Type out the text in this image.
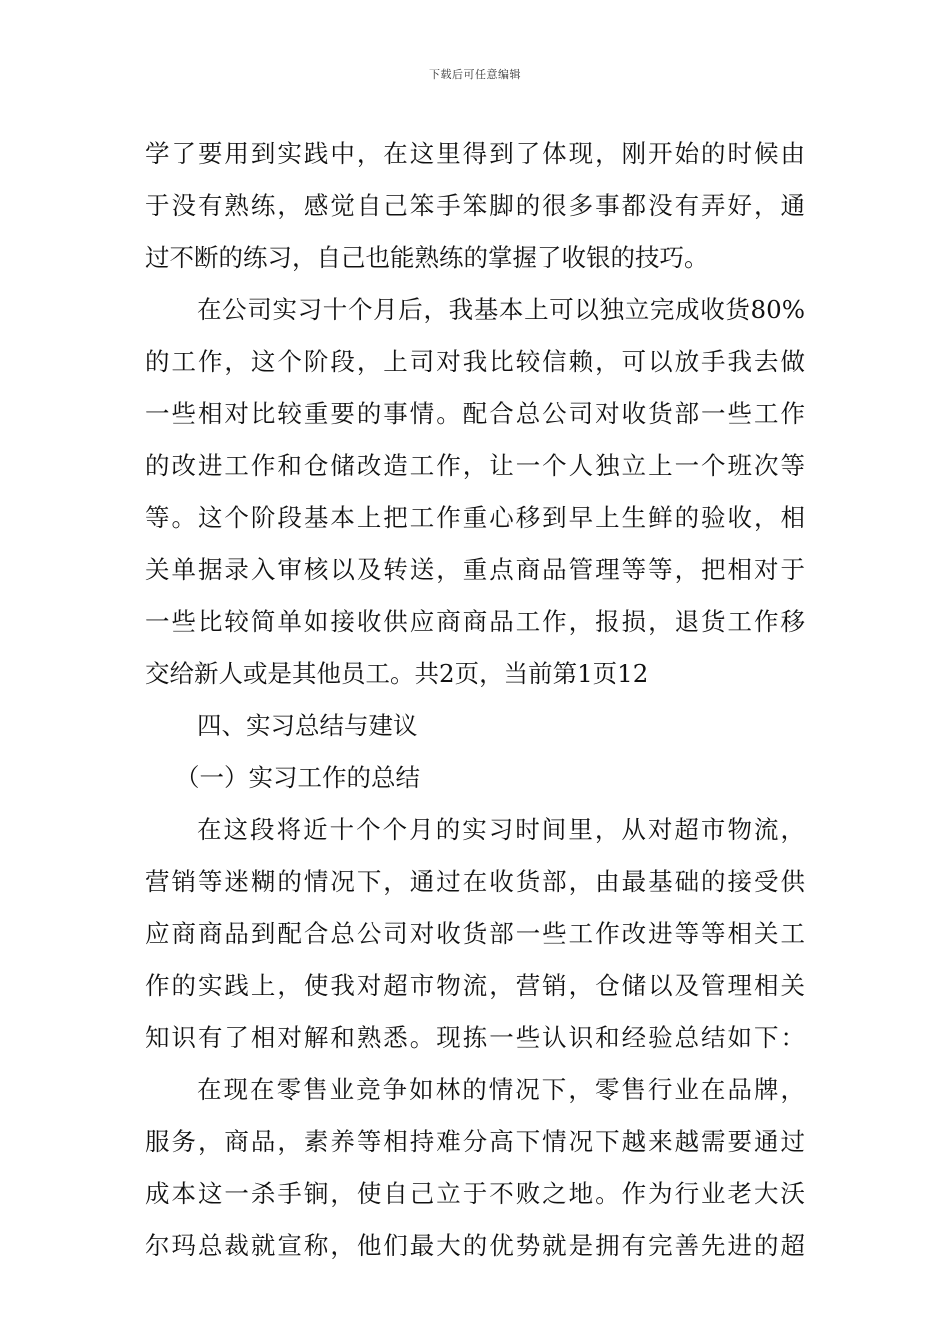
下载后可任意编辑
学了要用到实践中，在这里得到了体现，刚开始的时候由
于没有熟练，感觉自己笨手笨脚的很多事都没有弄好，通
过不断的练习，自己也能熟练的掌握了收银的技巧。
在公司实习十个月后，我基本上可以独立完成收货80%
的工作，这个阶段，上司对我比较信赖，可以放手我去做
一些相对比较重要的事情。配合总公司对收货部一些工作
的改进工作和仓储改造工作，让一个人独立上一个班次等
等。这个阶段基本上把工作重心移到早上生鲜的验收，相
关单据录入审核以及转送，重点商品管理等等，把相对于
一些比较简单如接收供应商商品工作，报损，退货工作移
交给新人或是其他员工。共2页，当前第1页12
四、实习总结与建议
（一）实习工作的总结
在这段将近十个个月的实习时间里，从对超市物流，
营销等迷糊的情况下，通过在收货部，由最基础的接受供
应商商品到配合总公司对收货部一些工作改进等等相关工
作的实践上，使我对超市物流，营销，仓储以及管理相关
知识有了相对解和熟悉。现拣一些认识和经验总结如下：
在现在零售业竞争如林的情况下，零售行业在品牌，
服务，商品，素养等相持难分高下情况下越来越需要通过
成本这一杀手锏，使自己立于不败之地。作为行业老大沃
尔玛总裁就宣称，他们最大的优势就是拥有完善先进的超
